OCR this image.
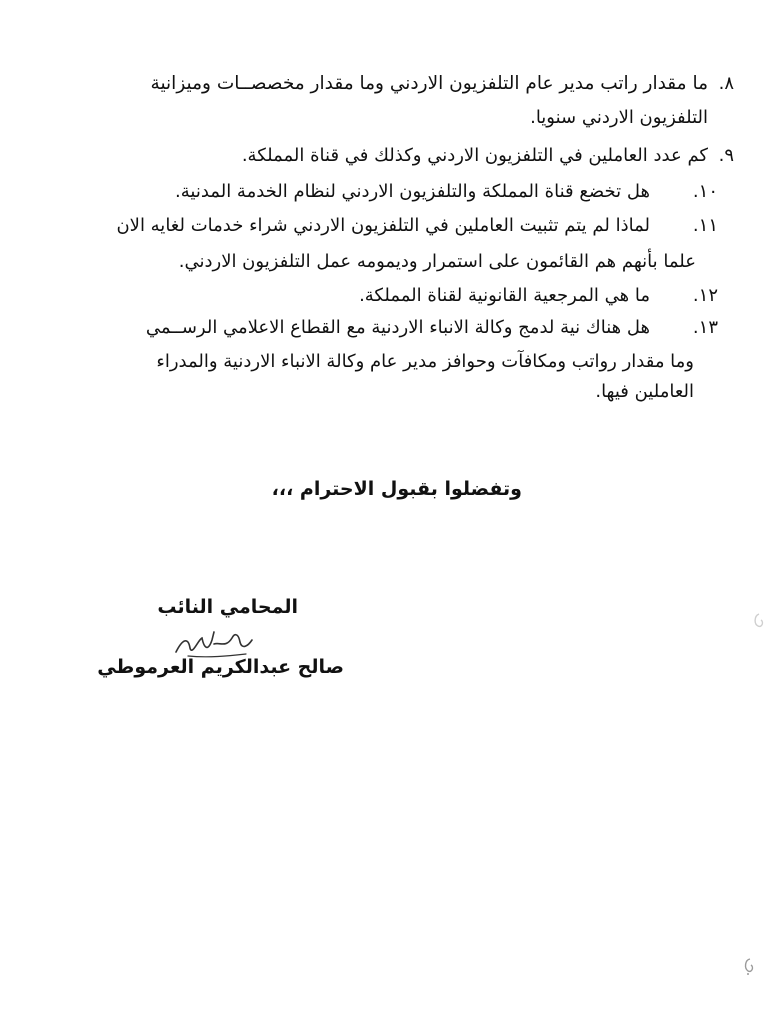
٨.
ما مقدار راتب مدير عام التلفزيون الاردني وما مقدار مخصصــات وميزانية
التلفزيون الاردني سنويا.
٩.
كم عدد العاملين في التلفزيون الاردني وكذلك في قناة المملكة.
١٠.
هل تخضع قناة المملكة والتلفزيون الاردني لنظام الخدمة المدنية.
١١.
لماذا لم يتم تثبيت العاملين في التلفزيون الاردني شراء خدمات لغايه الان
علما بأنهم هم القائمون على استمرار وديمومه عمل التلفزيون الاردني.
١٢.
ما هي المرجعية القانونية لقناة المملكة.
١٣.
هل هناك نية لدمج وكالة الانباء الاردنية مع القطاع الاعلامي الرســمي
وما مقدار رواتب ومكافآت وحوافز مدير عام وكالة الانباء الاردنية والمدراء
العاملين فيها.
وتفضلوا بقبول الاحترام ،،،
المحامي النائب
صالح عبدالكريم العرموطي
